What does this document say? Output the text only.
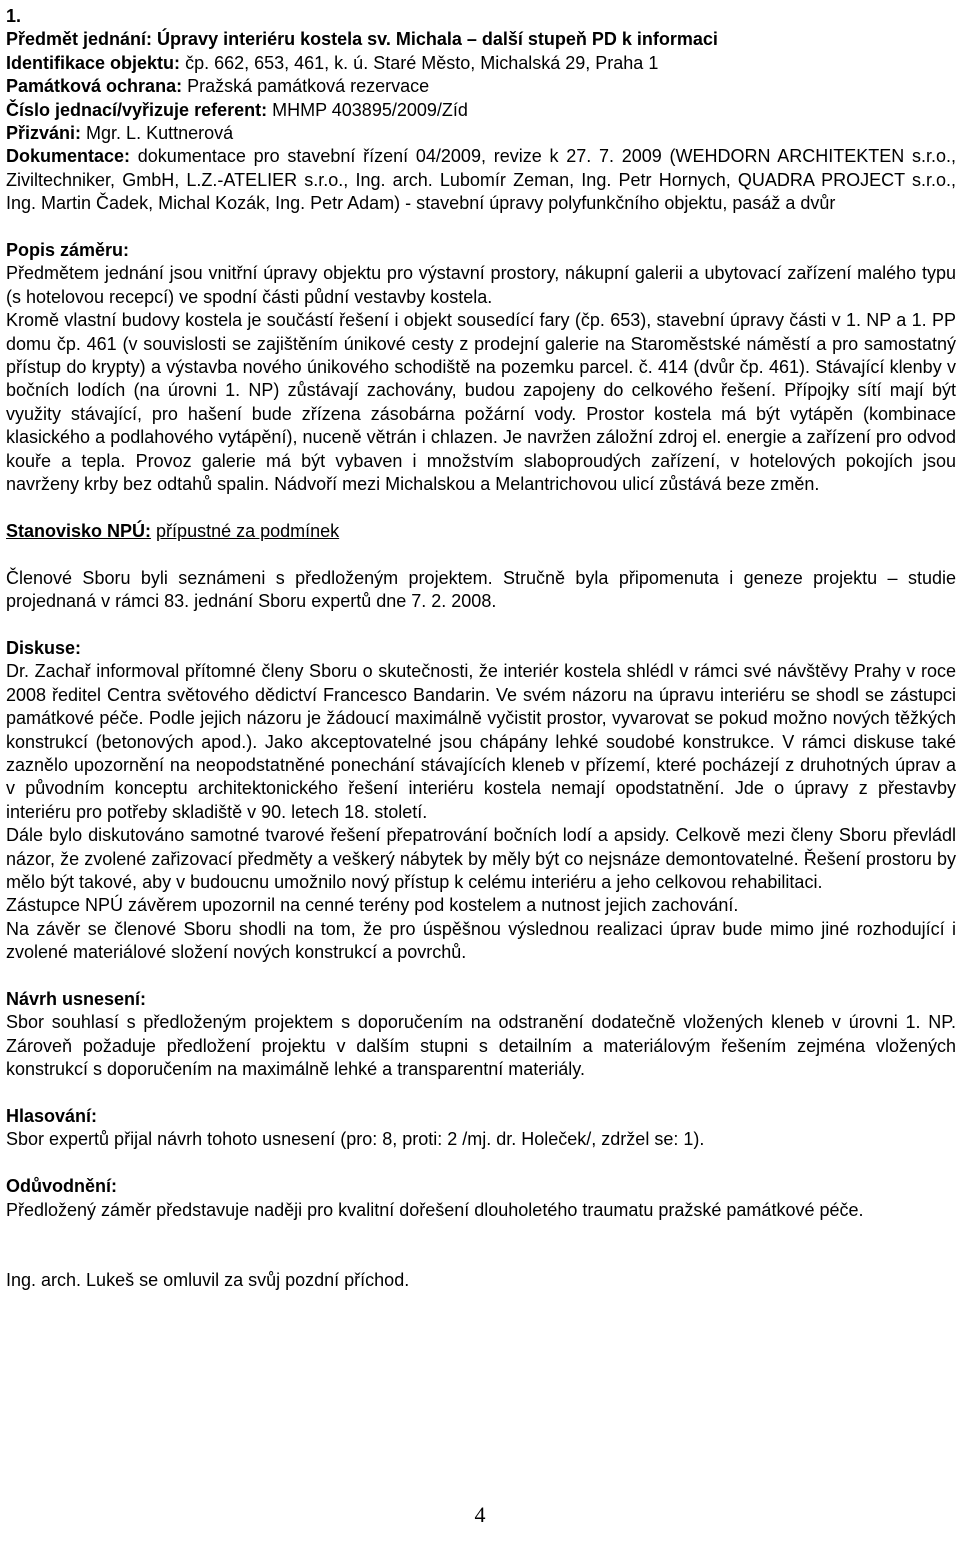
1.
Předmět jednání: Úpravy interiéru kostela sv. Michala – další stupeň PD k informaci
Identifikace objektu: čp. 662, 653, 461, k. ú. Staré Město, Michalská 29, Praha 1
Památková ochrana: Pražská památková rezervace
Číslo jednací/vyřizuje referent: MHMP 403895/2009/Zíd
Přizváni: Mgr. L. Kuttnerová

Dokumentace: dokumentace pro stavební řízení 04/2009, revize k 27. 7. 2009 (WEHDORN ARCHITEKTEN s.r.o., Ziviltechniker, GmbH, L.Z.-ATELIER s.r.o., Ing. arch. Lubomír Zeman, Ing. Petr Hornych, QUADRA PROJECT s.r.o., Ing. Martin Čadek, Michal Kozák, Ing. Petr Adam) - stavební úpravy polyfunkčního objektu, pasáž a dvůr

Popis záměru:

Předmětem jednání jsou vnitřní úpravy objektu pro výstavní prostory, nákupní galerii a ubytovací zařízení malého typu (s hotelovou recepcí) ve spodní části půdní vestavby kostela.

Kromě vlastní budovy kostela je součástí řešení i objekt sousedící fary (čp. 653), stavební úpravy části v 1. NP a 1. PP domu čp. 461 (v souvislosti se zajištěním únikové cesty z prodejní galerie na Staroměstské náměstí a pro samostatný přístup do krypty) a výstavba nového únikového schodiště na pozemku parcel. č. 414 (dvůr čp. 461). Stávající klenby v bočních lodích (na úrovni 1. NP) zůstávají zachovány, budou zapojeny do celkového řešení. Přípojky sítí mají být využity stávající, pro hašení bude zřízena zásobárna požární vody. Prostor kostela má být vytápěn (kombinace klasického a podlahového vytápění), nuceně větrán i chlazen. Je navržen záložní zdroj el. energie a zařízení pro odvod kouře a tepla. Provoz galerie má být vybaven i množstvím slaboproudých zařízení, v hotelových pokojích jsou navrženy krby bez odtahů spalin. Nádvoří mezi Michalskou a Melantrichovou ulicí zůstává beze změn.

Stanovisko NPÚ: přípustné za podmínek

Členové Sboru byli seznámeni s předloženým projektem. Stručně byla připomenuta i geneze projektu – studie projednaná v rámci 83. jednání Sboru expertů dne 7. 2. 2008.

Diskuse:

Dr. Zachař informoval přítomné členy Sboru o skutečnosti, že interiér kostela shlédl v rámci své návštěvy Prahy v roce 2008 ředitel Centra světového dědictví Francesco Bandarin. Ve svém názoru na úpravu interiéru se shodl se zástupci památkové péče. Podle jejich názoru je žádoucí maximálně vyčistit prostor, vyvarovat se pokud možno nových těžkých konstrukcí (betonových apod.). Jako akceptovatelné jsou chápány lehké soudobé konstrukce. V rámci diskuse také zaznělo upozornění na neopodstatněné ponechání stávajících kleneb v přízemí, které pocházejí z druhotných úprav a v původním konceptu architektonického řešení interiéru kostela nemají opodstatnění. Jde o úpravy z přestavby interiéru pro potřeby skladiště v 90. letech 18. století.

Dále bylo diskutováno samotné tvarové řešení přepatrování bočních lodí a apsidy. Celkově mezi členy Sboru převládl názor, že zvolené zařizovací předměty a veškerý nábytek by měly být co nejsnáze demontovatelné. Řešení prostoru by mělo být takové, aby v budoucnu umožnilo nový přístup k celému interiéru a jeho celkovou rehabilitaci.

Zástupce NPÚ závěrem upozornil na cenné terény pod kostelem a nutnost jejich zachování.

Na závěr se členové Sboru shodli na tom, že pro úspěšnou výslednou realizaci úprav bude mimo jiné rozhodující i zvolené materiálové složení nových konstrukcí a povrchů.

Návrh usnesení:

Sbor souhlasí s předloženým projektem s doporučením na odstranění dodatečně vložených kleneb v úrovni 1. NP. Zároveň požaduje předložení projektu v dalším stupni s detailním a materiálovým řešením zejména vložených konstrukcí s doporučením na maximálně lehké a transparentní materiály.

Hlasování:

Sbor expertů přijal návrh tohoto usnesení (pro: 8, proti: 2 /mj. dr. Holeček/, zdržel se: 1).

Odůvodnění:

Předložený záměr představuje naději pro kvalitní dořešení dlouholetého traumatu pražské památkové péče.

Ing. arch. Lukeš se omluvil za svůj pozdní příchod.

4
